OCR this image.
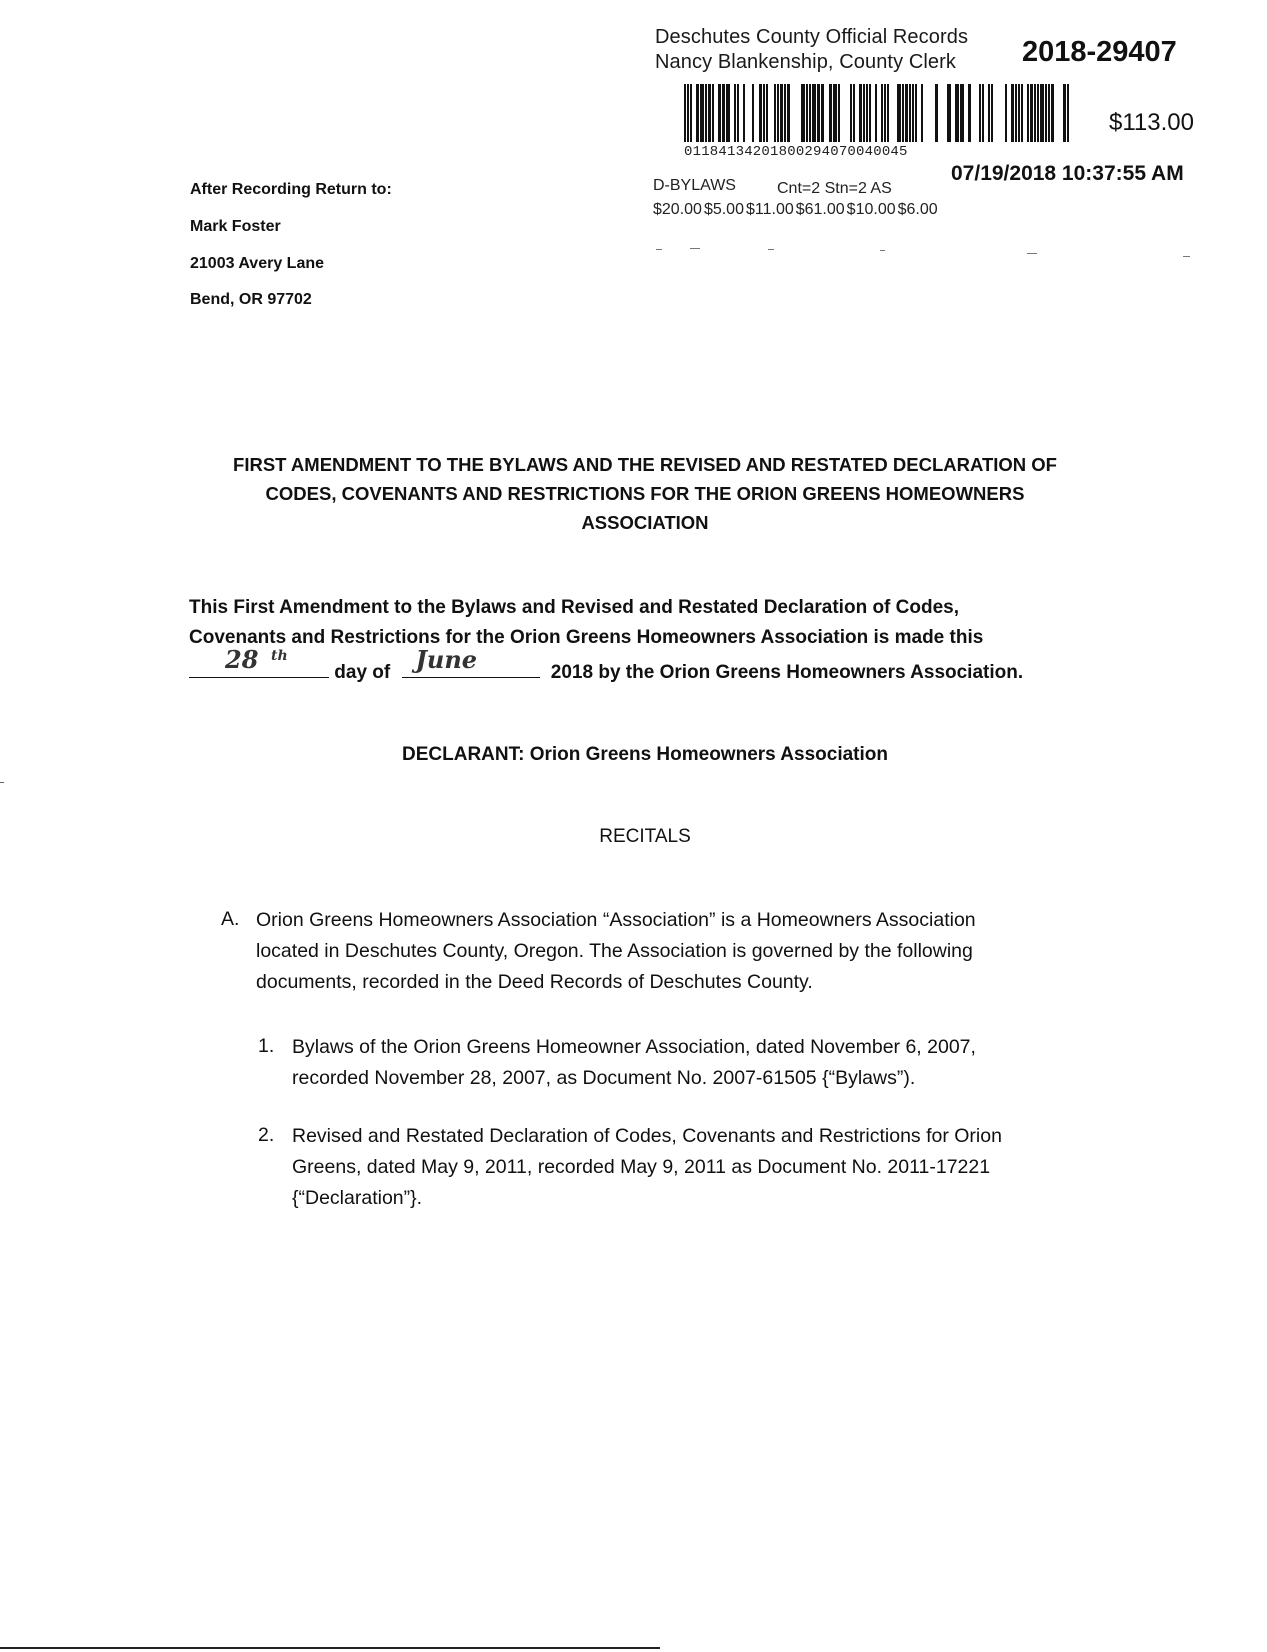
Deschutes County Official Records
Nancy Blankenship, County Clerk 2018-29407
$113.00
01184134201800294070040045
07/19/2018 10:37:55 AM
D-BYLAWS	Cnt=2 Stn=2 AS
$20.00 $5.00 $11.00 $61.00 $10.00 $6.00
After Recording Return to:
Mark Foster
21003 Avery Lane
Bend, OR 97702
FIRST AMENDMENT TO THE BYLAWS AND THE REVISED AND RESTATED DECLARATION OF
CODES, COVENANTS AND RESTRICTIONS FOR THE ORION GREENS HOMEOWNERS
ASSOCIATION
This First Amendment to the Bylaws and Revised and Restated Declaration of Codes,
Covenants and Restrictions for the Orion Greens Homeowners Association is made this
28 th
day of June	2018 by the Orion Greens Homeowners Association.
DECLARANT: Orion Greens Homeowners Association
RECITALS
A. Orion Greens Homeowners Association “Association” is a Homeowners Association
located in Deschutes County, Oregon. The Association is governed by the following
documents, recorded in the Deed Records of Deschutes County.
1. Bylaws of the Orion Greens Homeowner Association, dated November 6, 2007,
recorded November 28, 2007, as Document No. 2007-61505 {“Bylaws”).
2. Revised and Restated Declaration of Codes, Covenants and Restrictions for Orion
Greens, dated May 9, 2011, recorded May 9, 2011 as Document No. 2011-17221
{“Declaration”}.
